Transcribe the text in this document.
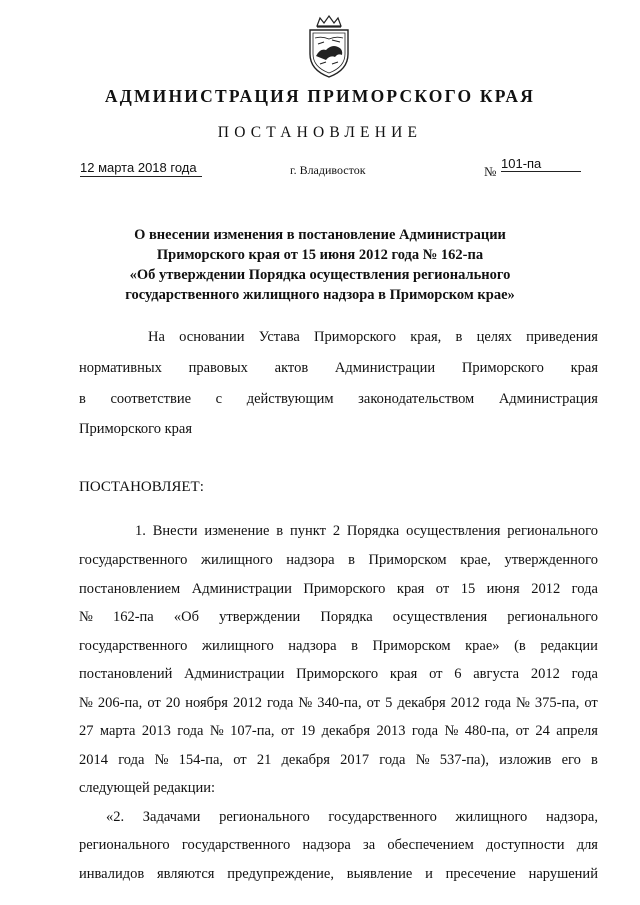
АДМИНИСТРАЦИЯ ПРИМОРСКОГО КРАЯ
ПОСТАНОВЛЕНИЕ
12 марта 2018 года	г. Владивосток	№
101-па
О внесении изменения в постановление Администрации
Приморского края от 15 июня 2012 года № 162-па
«Об утверждении Порядка осуществления регионального
государственного жилищного надзора в Приморском крае»
На основании Устава Приморского края, в целях приведения
нормативных правовых актов Администрации Приморского края
в соответствие с действующим законодательством Администрация
Приморского края
ПОСТАНОВЛЯЕТ:
1. Внести изменение в пункт 2 Порядка осуществления регионального
государственного жилищного надзора в Приморском крае, утвержденного
постановлением Администрации Приморского края от 15 июня 2012 года
№ 162-па «Об утверждении Порядка осуществления регионального
государственного жилищного надзора в Приморском крае» (в редакции
постановлений Администрации Приморского края от 6 августа 2012 года
№ 206-па, от 20 ноября 2012 года № 340-па, от 5 декабря 2012 года № 375-па, от
27 марта 2013 года № 107-па, от 19 декабря 2013 года № 480-па, от 24 апреля
2014 года № 154-па, от 21 декабря 2017 года № 537-па), изложив его в
следующей редакции:
«2. Задачами регионального государственного жилищного надзора,
регионального государственного надзора за обеспечением доступности для
инвалидов являются предупреждение, выявление и пресечение нарушений
